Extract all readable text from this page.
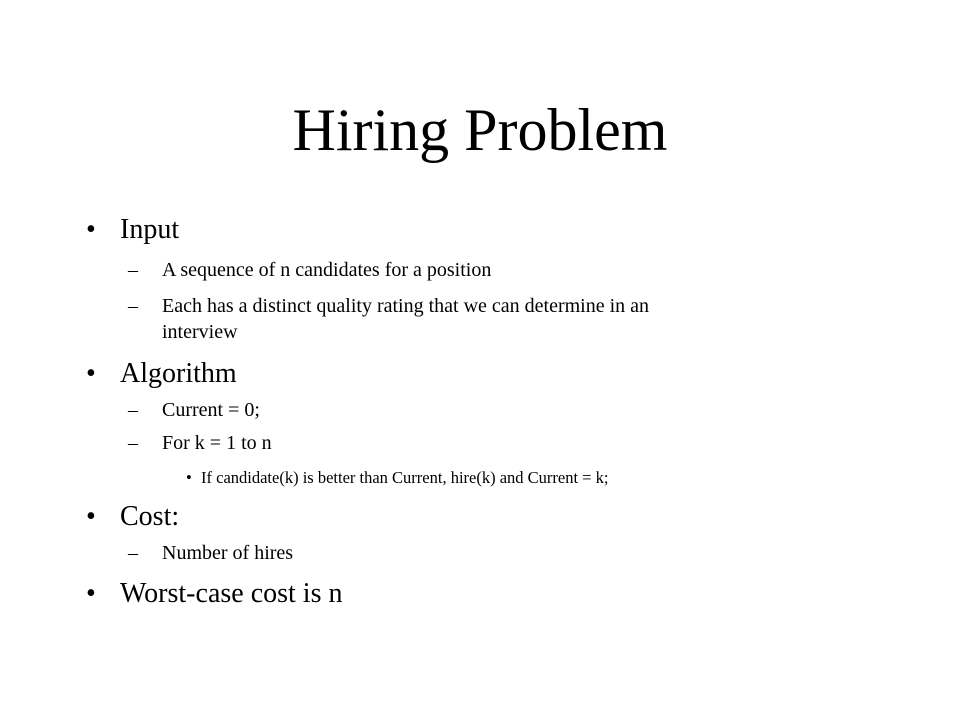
Hiring Problem
• Input
– A sequence of n candidates for a position
– Each has a distinct quality rating that we can determine in an
interview
• Algorithm
– Current = 0;
– For k = 1 to n
• If candidate(k) is better than Current, hire(k) and Current = k;
• Cost:
– Number of hires
• Worst-case cost is n
